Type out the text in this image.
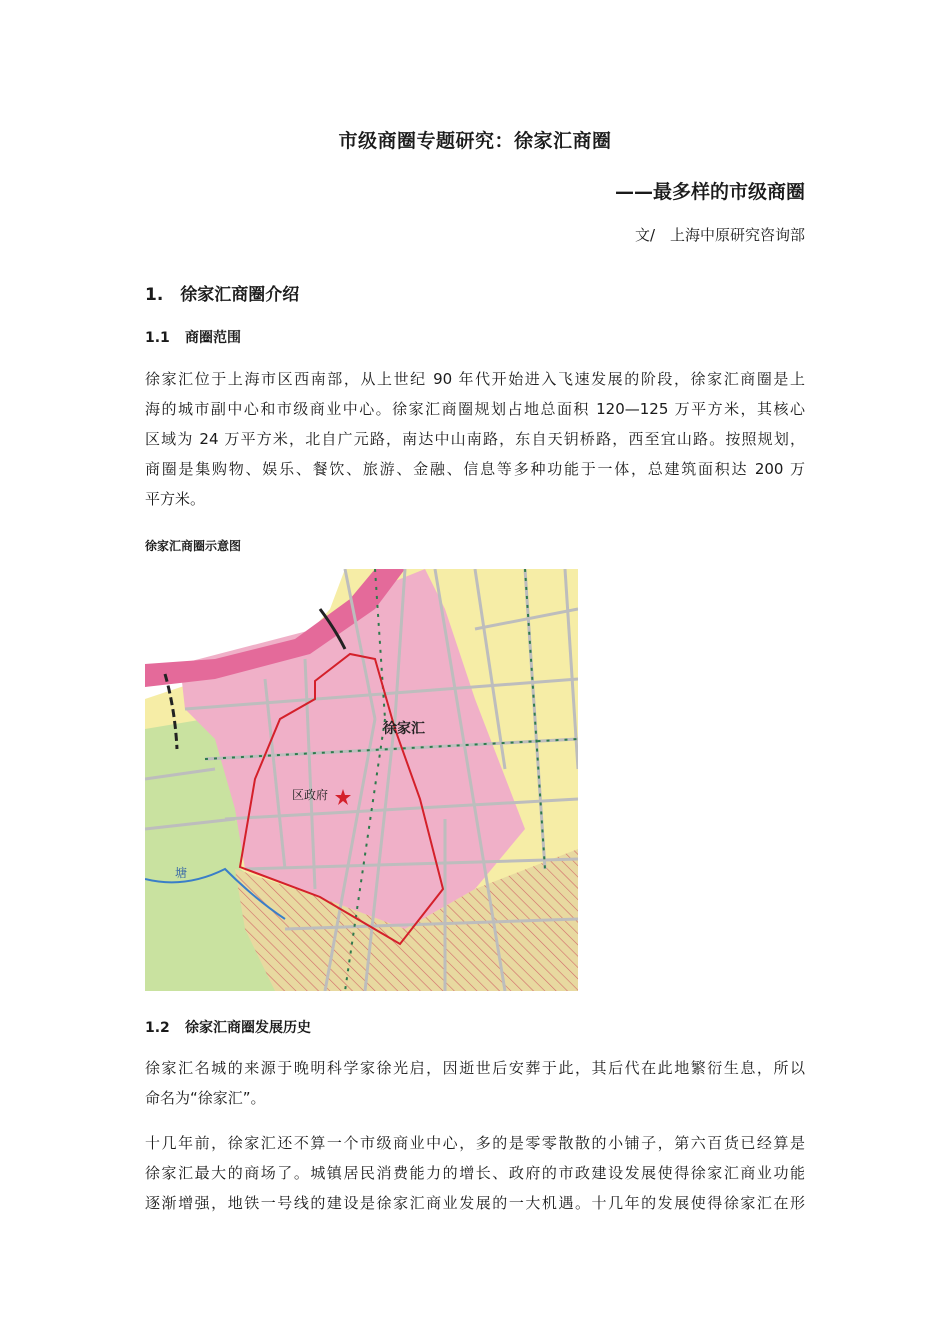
市级商圈专题研究：徐家汇商圈
——最多样的市级商圈
文/　上海中原研究咨询部
1.　徐家汇商圈介绍
1.1 商圈范围
徐家汇位于上海市区西南部，从上世纪 90 年代开始进入飞速发展的阶段，徐家汇商圈是上
海的城市副中心和市级商业中心。徐家汇商圈规划占地总面积 120—125 万平方米，其核心
区域为 24 万平方米，北自广元路，南达中山南路，东自天钥桥路，西至宜山路。按照规划，
商圈是集购物、娱乐、餐饮、旅游、金融、信息等多种功能于一体，总建筑面积达 200 万
平方米。
徐家汇商圈示意图
徐家汇
区政府
塘
1.2 徐家汇商圈发展历史
徐家汇名城的来源于晚明科学家徐光启，因逝世后安葬于此，其后代在此地繁衍生息，所以
命名为“徐家汇”。
十几年前，徐家汇还不算一个市级商业中心，多的是零零散散的小铺子，第六百货已经算是
徐家汇最大的商场了。城镇居民消费能力的增长、政府的市政建设发展使得徐家汇商业功能
逐渐增强，地铁一号线的建设是徐家汇商业发展的一大机遇。十几年的发展使得徐家汇在形
